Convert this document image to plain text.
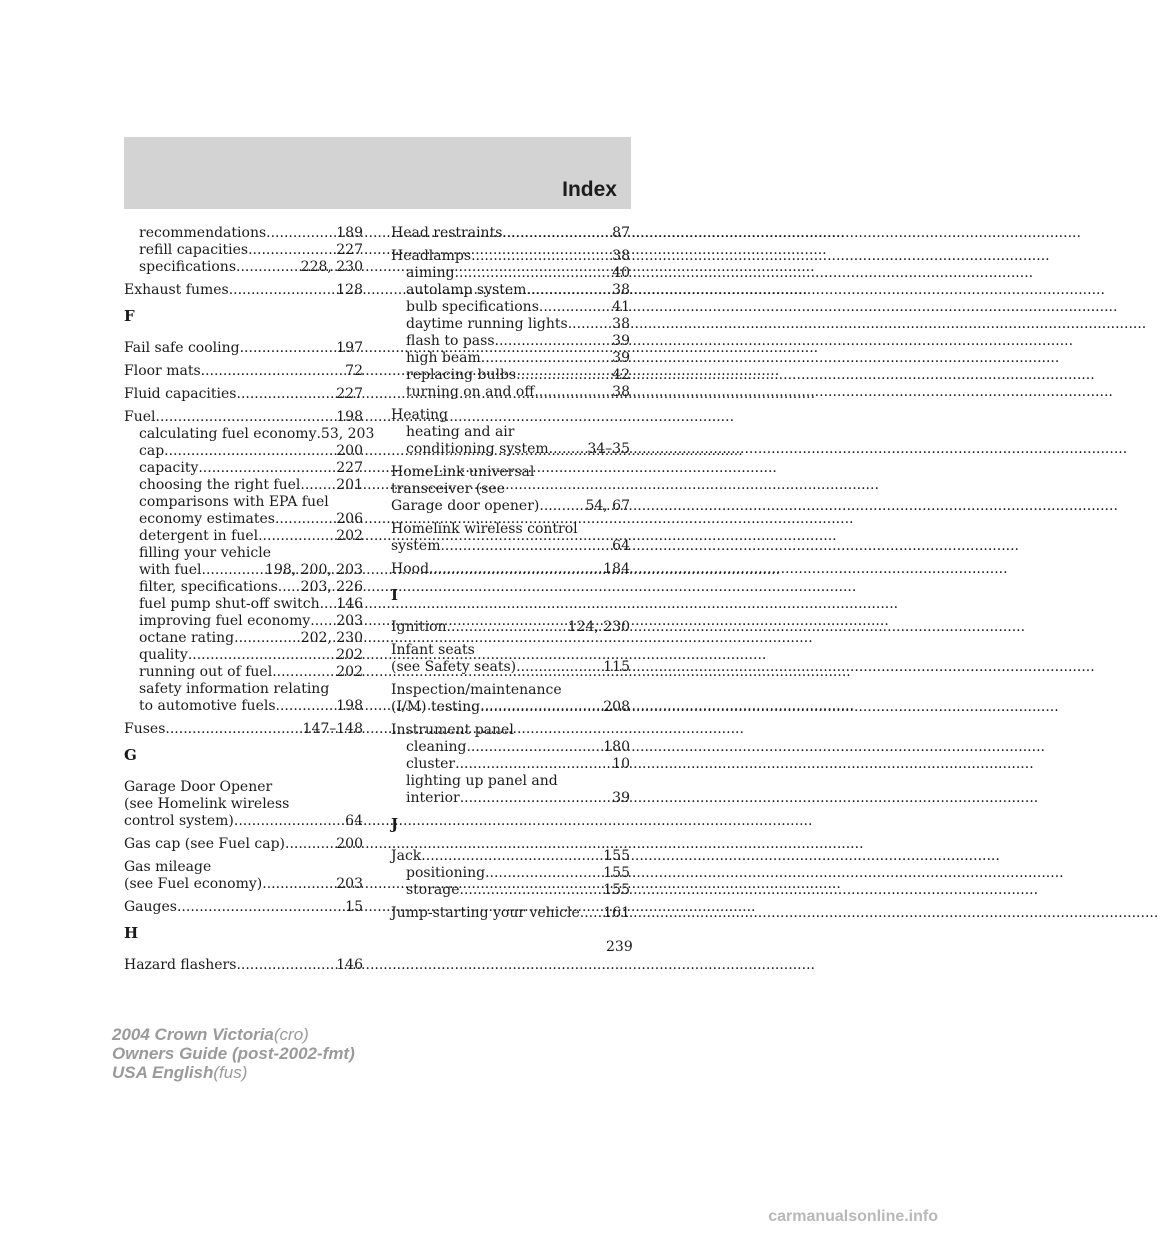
Index
recommendations .....	189
refill capacities .....	227
specifications .....	228, 230
Exhaust fumes .....	128
F
Fail safe cooling .....	197
Floor mats .....	72
Fluid capacities .....	227
Fuel .....	198
calculating fuel economy .53, 203
cap .....	200
capacity .....	227
choosing the right fuel .....	201
comparisons with EPA fuel
economy estimates .....	206
detergent in fuel .....	202
filling your vehicle
with fuel .....	198, 200, 203
filter, specifications ..... 203, 226
fuel pump shut-off switch ..... 146
improving fuel economy ..... 203
octane rating .....	202, 230
quality .....	202
running out of fuel .....	202
safety information relating
to automotive fuels .....	198
Fuses .....	147–148
G
Garage Door Opener
(see Homelink wireless
control system) .....	64
Gas cap (see Fuel cap) .....	200
Gas mileage
(see Fuel economy) .....	203
Gauges .....	15
H
Hazard flashers .....	146
Head restraints .....	87
Headlamps .....	38
aiming .....	40
autolamp system .....	38
bulb specifications .....	41
daytime running lights .....	38
flash to pass .....	39
high beam .....	39
replacing bulbs .....	42
turning on and off .....	38
Heating
heating and air
conditioning system .....	34–35
HomeLink universal
transceiver (see
Garage door opener) .....	54, 67
Homelink wireless control
system .....	64
Hood .....	184
I
Ignition .....	124, 230
Infant seats
(see Safety seats) .....	115
Inspection/maintenance
(I/M) testing .....	208
Instrument panel
cleaning .....	180
cluster .....	10
lighting up panel and
interior .....	39
J
Jack .....	155
positioning .....	155
storage .....	155
Jump-starting your vehicle ..... 161
239
2004 Crown Victoria(cro)
Owners Guide (post-2002-fmt)
USA English(fus)
carmanualsonline.info
